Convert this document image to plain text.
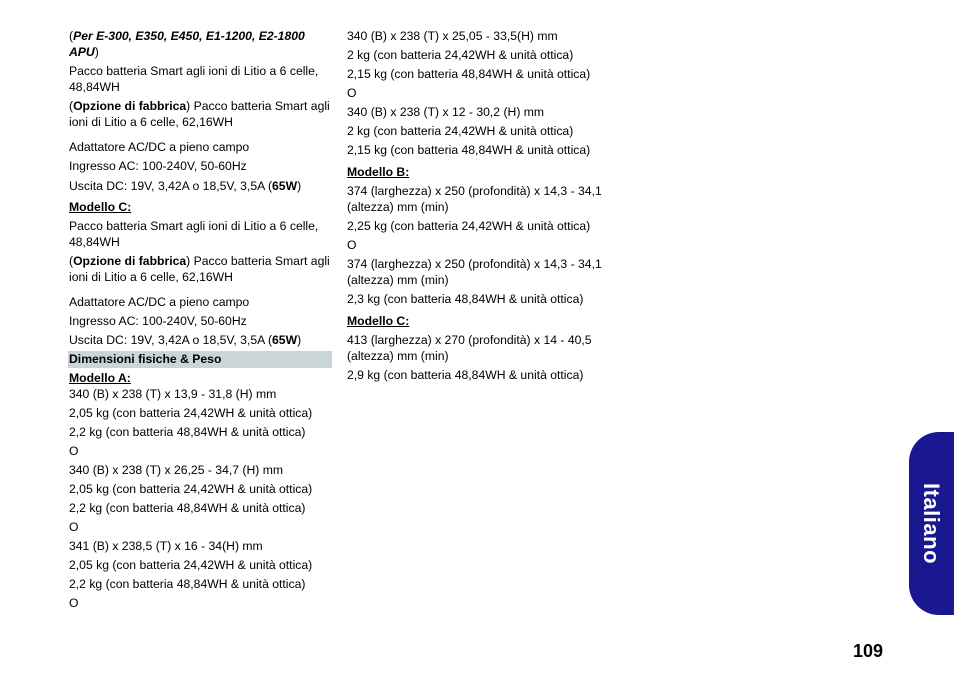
(Per E-300, E350, E450, E1-1200, E2-1800 APU)

Pacco batteria Smart agli ioni di Litio a 6 celle, 48,84WH

(Opzione di fabbrica) Pacco batteria Smart agli ioni di Litio a 6 celle, 62,16WH

Adattatore AC/DC a pieno campo

Ingresso AC: 100-240V, 50-60Hz

Uscita DC: 19V, 3,42A o 18,5V, 3,5A (65W)

Modello C:

Pacco batteria Smart agli ioni di Litio a 6 celle, 48,84WH

(Opzione di fabbrica) Pacco batteria Smart agli ioni di Litio a 6 celle, 62,16WH

Adattatore AC/DC a pieno campo

Ingresso AC: 100-240V, 50-60Hz

Uscita DC: 19V, 3,42A o 18,5V, 3,5A (65W)

Dimensioni fisiche & Peso

Modello A:

340 (B) x 238 (T) x 13,9 - 31,8 (H) mm

2,05 kg (con batteria 24,42WH & unità ottica)

2,2 kg (con batteria 48,84WH & unità ottica)

O

340 (B) x 238 (T) x 26,25 - 34,7 (H) mm

2,05 kg (con batteria 24,42WH & unità ottica)

2,2 kg (con batteria 48,84WH & unità ottica)

O

341 (B) x 238,5 (T) x 16 - 34(H) mm

2,05 kg (con batteria 24,42WH & unità ottica)

2,2 kg (con batteria 48,84WH & unità ottica)

O

340 (B) x 238 (T) x 25,05 - 33,5(H) mm

2 kg (con batteria 24,42WH & unità ottica)

2,15 kg (con batteria 48,84WH & unità ottica)

O

340 (B) x 238 (T) x 12 - 30,2 (H) mm

2 kg (con batteria 24,42WH & unità ottica)

2,15 kg (con batteria 48,84WH & unità ottica)

Modello B:

374 (larghezza) x 250 (profondità) x 14,3 - 34,1 (altezza) mm (min)

2,25 kg (con batteria 24,42WH & unità ottica)

O

374 (larghezza) x 250 (profondità) x 14,3 - 34,1 (altezza) mm (min)

2,3 kg (con batteria 48,84WH & unità ottica)

Modello C:

413 (larghezza) x 270 (profondità) x 14 - 40,5 (altezza) mm (min)

2,9 kg (con batteria 48,84WH & unità ottica)

Italiano
109
